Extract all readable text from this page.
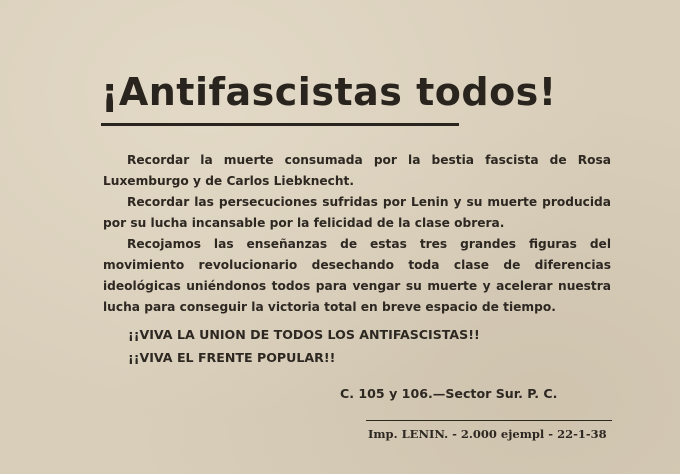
¡Antifascistas todos!

Recordar la muerte consumada por la bestia fascista de Rosa Luxemburgo y de Carlos Liebknecht.

Recordar las persecuciones sufridas por Lenin y su muerte producida por su lucha incansable por la felicidad de la clase obrera.

Recojamos las enseñanzas de estas tres grandes figuras del movimiento revolucionario desechando toda clase de diferencias ideológicas uniéndonos todos para vengar su muerte y acelerar nuestra lucha para conseguir la victoria total en breve espacio de tiempo.

¡¡VIVA LA UNION DE TODOS LOS ANTIFASCISTAS!!
¡¡VIVA EL FRENTE POPULAR!!
C. 105 y 106.—Sector Sur. P. C.
Imp. LENIN. - 2.000 ejempl - 22-1-38
